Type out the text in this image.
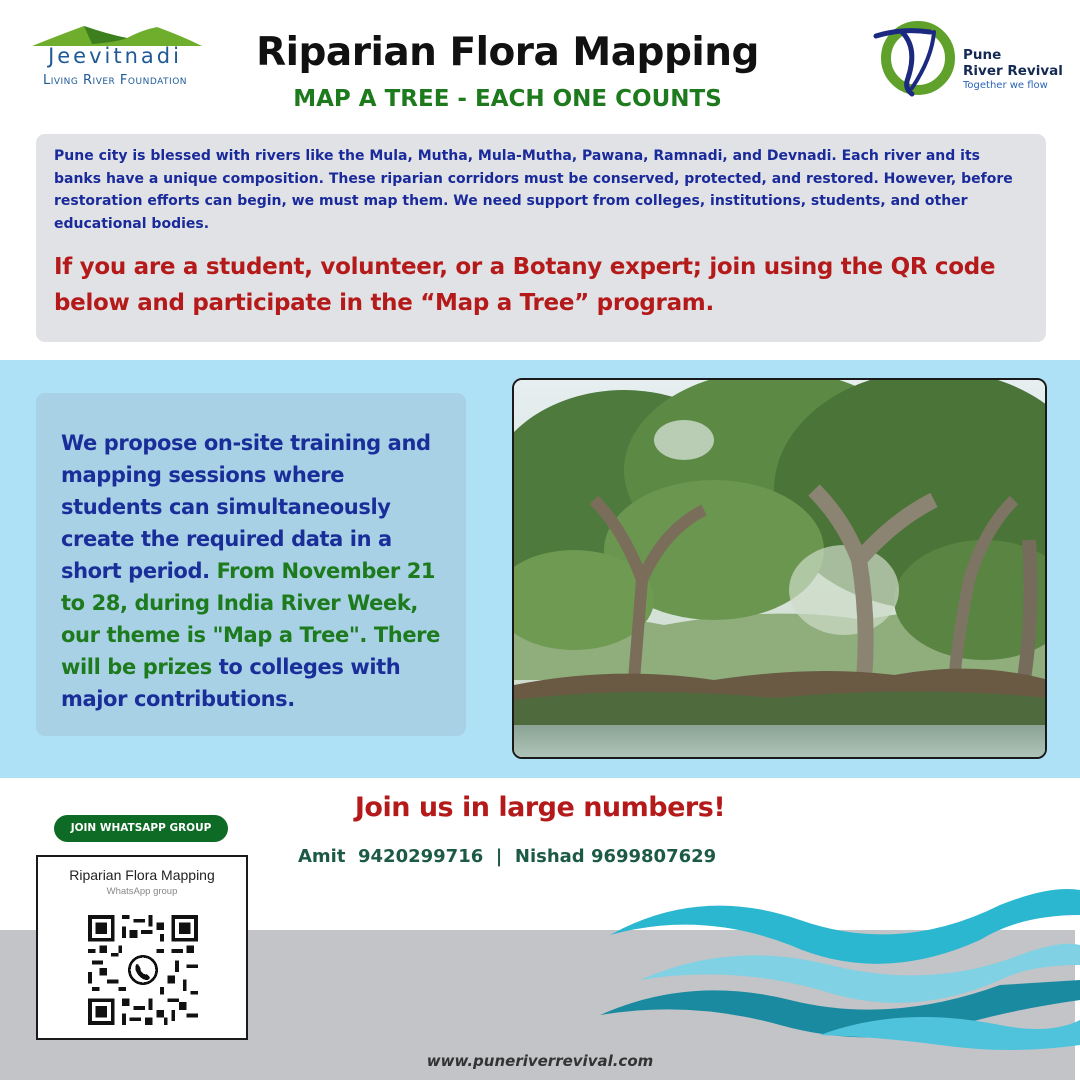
Jeevitnadi
Living River Foundation
Riparian Flora Mapping
MAP A TREE - EACH ONE COUNTS
Pune
River Revival
Together we flow

Pune city is blessed with rivers like the Mula, Mutha, Mula-Mutha, Pawana, Ramnadi, and Devnadi. Each river and its banks have a unique composition. These riparian corridors must be conserved, protected, and restored. However, before restoration efforts can begin, we must map them. We need support from colleges, institutions, students, and other educational bodies.

If you are a student, volunteer, or a Botany expert; join using the QR code below and participate in the “Map a Tree” program.

We propose on-site training and mapping sessions where students can simultaneously create the required data in a short period. From November 21 to 28, during India River Week, our theme is "Map a Tree". There will be prizes to colleges with major contributions.

JOIN WHATSAPP GROUP
Riparian Flora Mapping
WhatsApp group
Join us in large numbers!
Amit  9420299716  |  Nishad 9699807629
www.puneriverrevival.com
